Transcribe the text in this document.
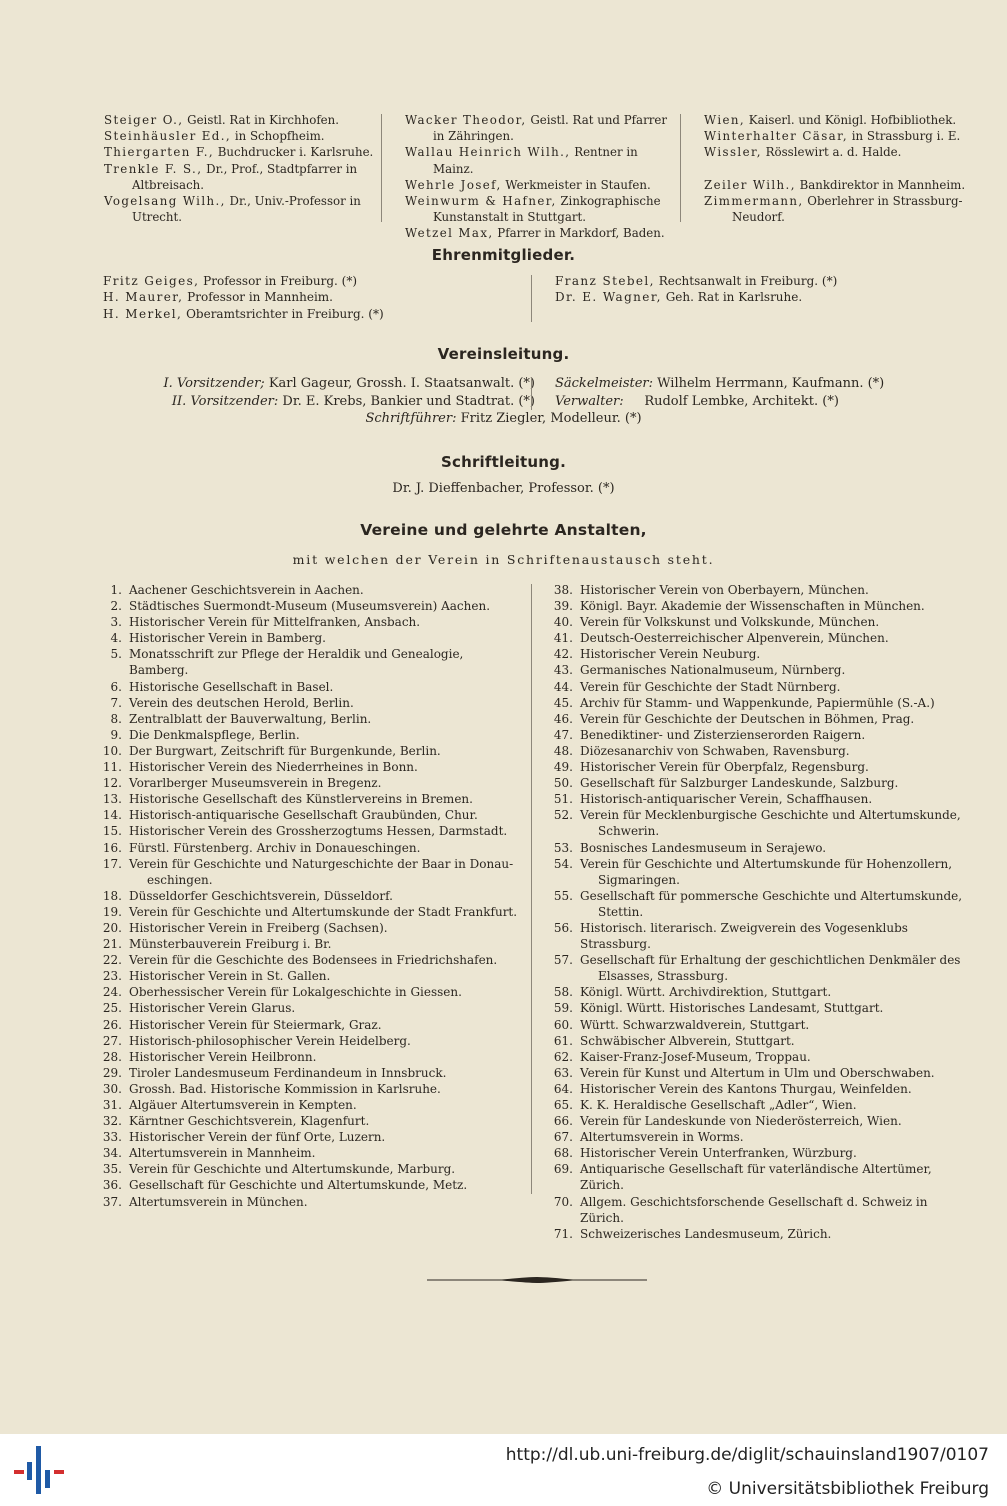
Steiger O., Geistl. Rat in Kirchhofen.
Steinhäusler Ed., in Schopfheim.
Thiergarten F., Buchdrucker i. Karlsruhe.
Trenkle F. S., Dr., Prof., Stadtpfarrer in Altbreisach.
Vogelsang Wilh., Dr., Univ.-Professor in Utrecht.
Wacker Theodor, Geistl. Rat und Pfarrer in Zähringen.
Wallau Heinrich Wilh., Rentner in Mainz.
Wehrle Josef, Werkmeister in Staufen.
Weinwurm & Hafner, Zinkographische Kunstanstalt in Stuttgart.
Wetzel Max, Pfarrer in Markdorf, Baden.
Wien, Kaiserl. und Königl. Hofbibliothek.
Winterhalter Cäsar, in Strassburg i. E.
Wissler, Rösslewirt a. d. Halde.
Zeiler Wilh., Bankdirektor in Mannheim.
Zimmermann, Oberlehrer in Strassburg-Neudorf.
Ehrenmitglieder.
Fritz Geiges, Professor in Freiburg. (*)
H. Maurer, Professor in Mannheim.
H. Merkel, Oberamtsrichter in Freiburg. (*)
Franz Stebel, Rechtsanwalt in Freiburg. (*)
Dr. E. Wagner, Geh. Rat in Karlsruhe.
Vereinsleitung.
I. Vorsitzender; Karl Gageur, Grossh. I. Staatsanwalt. (*)
II. Vorsitzender: Dr. E. Krebs, Bankier und Stadtrat. (*)
Säckelmeister: Wilhelm Herrmann, Kaufmann. (*)
Verwalter: Rudolf Lembke, Architekt. (*)
Schriftführer: Fritz Ziegler, Modelleur. (*)
Schriftleitung.
Dr. J. Dieffenbacher, Professor. (*)
Vereine und gelehrte Anstalten,
mit welchen der Verein in Schriftenaustausch steht.
1. Aachener Geschichtsverein in Aachen.
2. Städtisches Suermondt-Museum (Museumsverein) Aachen.
3. Historischer Verein für Mittelfranken, Ansbach.
4. Historischer Verein in Bamberg.
5. Monatsschrift zur Pflege der Heraldik und Genealogie, Bamberg.
6. Historische Gesellschaft in Basel.
7. Verein des deutschen Herold, Berlin.
8. Zentralblatt der Bauverwaltung, Berlin.
9. Die Denkmalspflege, Berlin.
10. Der Burgwart, Zeitschrift für Burgenkunde, Berlin.
11. Historischer Verein des Niederrheines in Bonn.
12. Vorarlberger Museumsverein in Bregenz.
13. Historische Gesellschaft des Künstlervereins in Bremen.
14. Historisch-antiquarische Gesellschaft Graubünden, Chur.
15. Historischer Verein des Grossherzogtums Hessen, Darmstadt.
16. Fürstl. Fürstenberg. Archiv in Donaueschingen.
17. Verein für Geschichte und Naturgeschichte der Baar in Donau-
eschingen.
18. Düsseldorfer Geschichtsverein, Düsseldorf.
19. Verein für Geschichte und Altertumskunde der Stadt Frankfurt.
20. Historischer Verein in Freiberg (Sachsen).
21. Münsterbauverein Freiburg i. Br.
22. Verein für die Geschichte des Bodensees in Friedrichshafen.
23. Historischer Verein in St. Gallen.
24. Oberhessischer Verein für Lokalgeschichte in Giessen.
25. Historischer Verein Glarus.
26. Historischer Verein für Steiermark, Graz.
27. Historisch-philosophischer Verein Heidelberg.
28. Historischer Verein Heilbronn.
29. Tiroler Landesmuseum Ferdinandeum in Innsbruck.
30. Grossh. Bad. Historische Kommission in Karlsruhe.
31. Algäuer Altertumsverein in Kempten.
32. Kärntner Geschichtsverein, Klagenfurt.
33. Historischer Verein der fünf Orte, Luzern.
34. Altertumsverein in Mannheim.
35. Verein für Geschichte und Altertumskunde, Marburg.
36. Gesellschaft für Geschichte und Altertumskunde, Metz.
37. Altertumsverein in München.
38. Historischer Verein von Oberbayern, München.
39. Königl. Bayr. Akademie der Wissenschaften in München.
40. Verein für Volkskunst und Volkskunde, München.
41. Deutsch-Oesterreichischer Alpenverein, München.
42. Historischer Verein Neuburg.
43. Germanisches Nationalmuseum, Nürnberg.
44. Verein für Geschichte der Stadt Nürnberg.
45. Archiv für Stamm- und Wappenkunde, Papiermühle (S.-A.)
46. Verein für Geschichte der Deutschen in Böhmen, Prag.
47. Benediktiner- und Zisterzienserorden Raigern.
48. Diözesanarchiv von Schwaben, Ravensburg.
49. Historischer Verein für Oberpfalz, Regensburg.
50. Gesellschaft für Salzburger Landeskunde, Salzburg.
51. Historisch-antiquarischer Verein, Schaffhausen.
52. Verein für Mecklenburgische Geschichte und Altertumskunde,
Schwerin.
53. Bosnisches Landesmuseum in Serajewo.
54. Verein für Geschichte und Altertumskunde für Hohenzollern,
Sigmaringen.
55. Gesellschaft für pommersche Geschichte und Altertumskunde,
Stettin.
56. Historisch. literarisch. Zweigverein des Vogesenklubs Strassburg.
57. Gesellschaft für Erhaltung der geschichtlichen Denkmäler des
Elsasses, Strassburg.
58. Königl. Württ. Archivdirektion, Stuttgart.
59. Königl. Württ. Historisches Landesamt, Stuttgart.
60. Württ. Schwarzwaldverein, Stuttgart.
61. Schwäbischer Albverein, Stuttgart.
62. Kaiser-Franz-Josef-Museum, Troppau.
63. Verein für Kunst und Altertum in Ulm und Oberschwaben.
64. Historischer Verein des Kantons Thurgau, Weinfelden.
65. K. K. Heraldische Gesellschaft „Adler“, Wien.
66. Verein für Landeskunde von Niederösterreich, Wien.
67. Altertumsverein in Worms.
68. Historischer Verein Unterfranken, Würzburg.
69. Antiquarische Gesellschaft für vaterländische Altertümer, Zürich.
70. Allgem. Geschichtsforschende Gesellschaft d. Schweiz in Zürich.
71. Schweizerisches Landesmuseum, Zürich.
http://dl.ub.uni-freiburg.de/diglit/schauinsland1907/0107
© Universitätsbibliothek Freiburg
